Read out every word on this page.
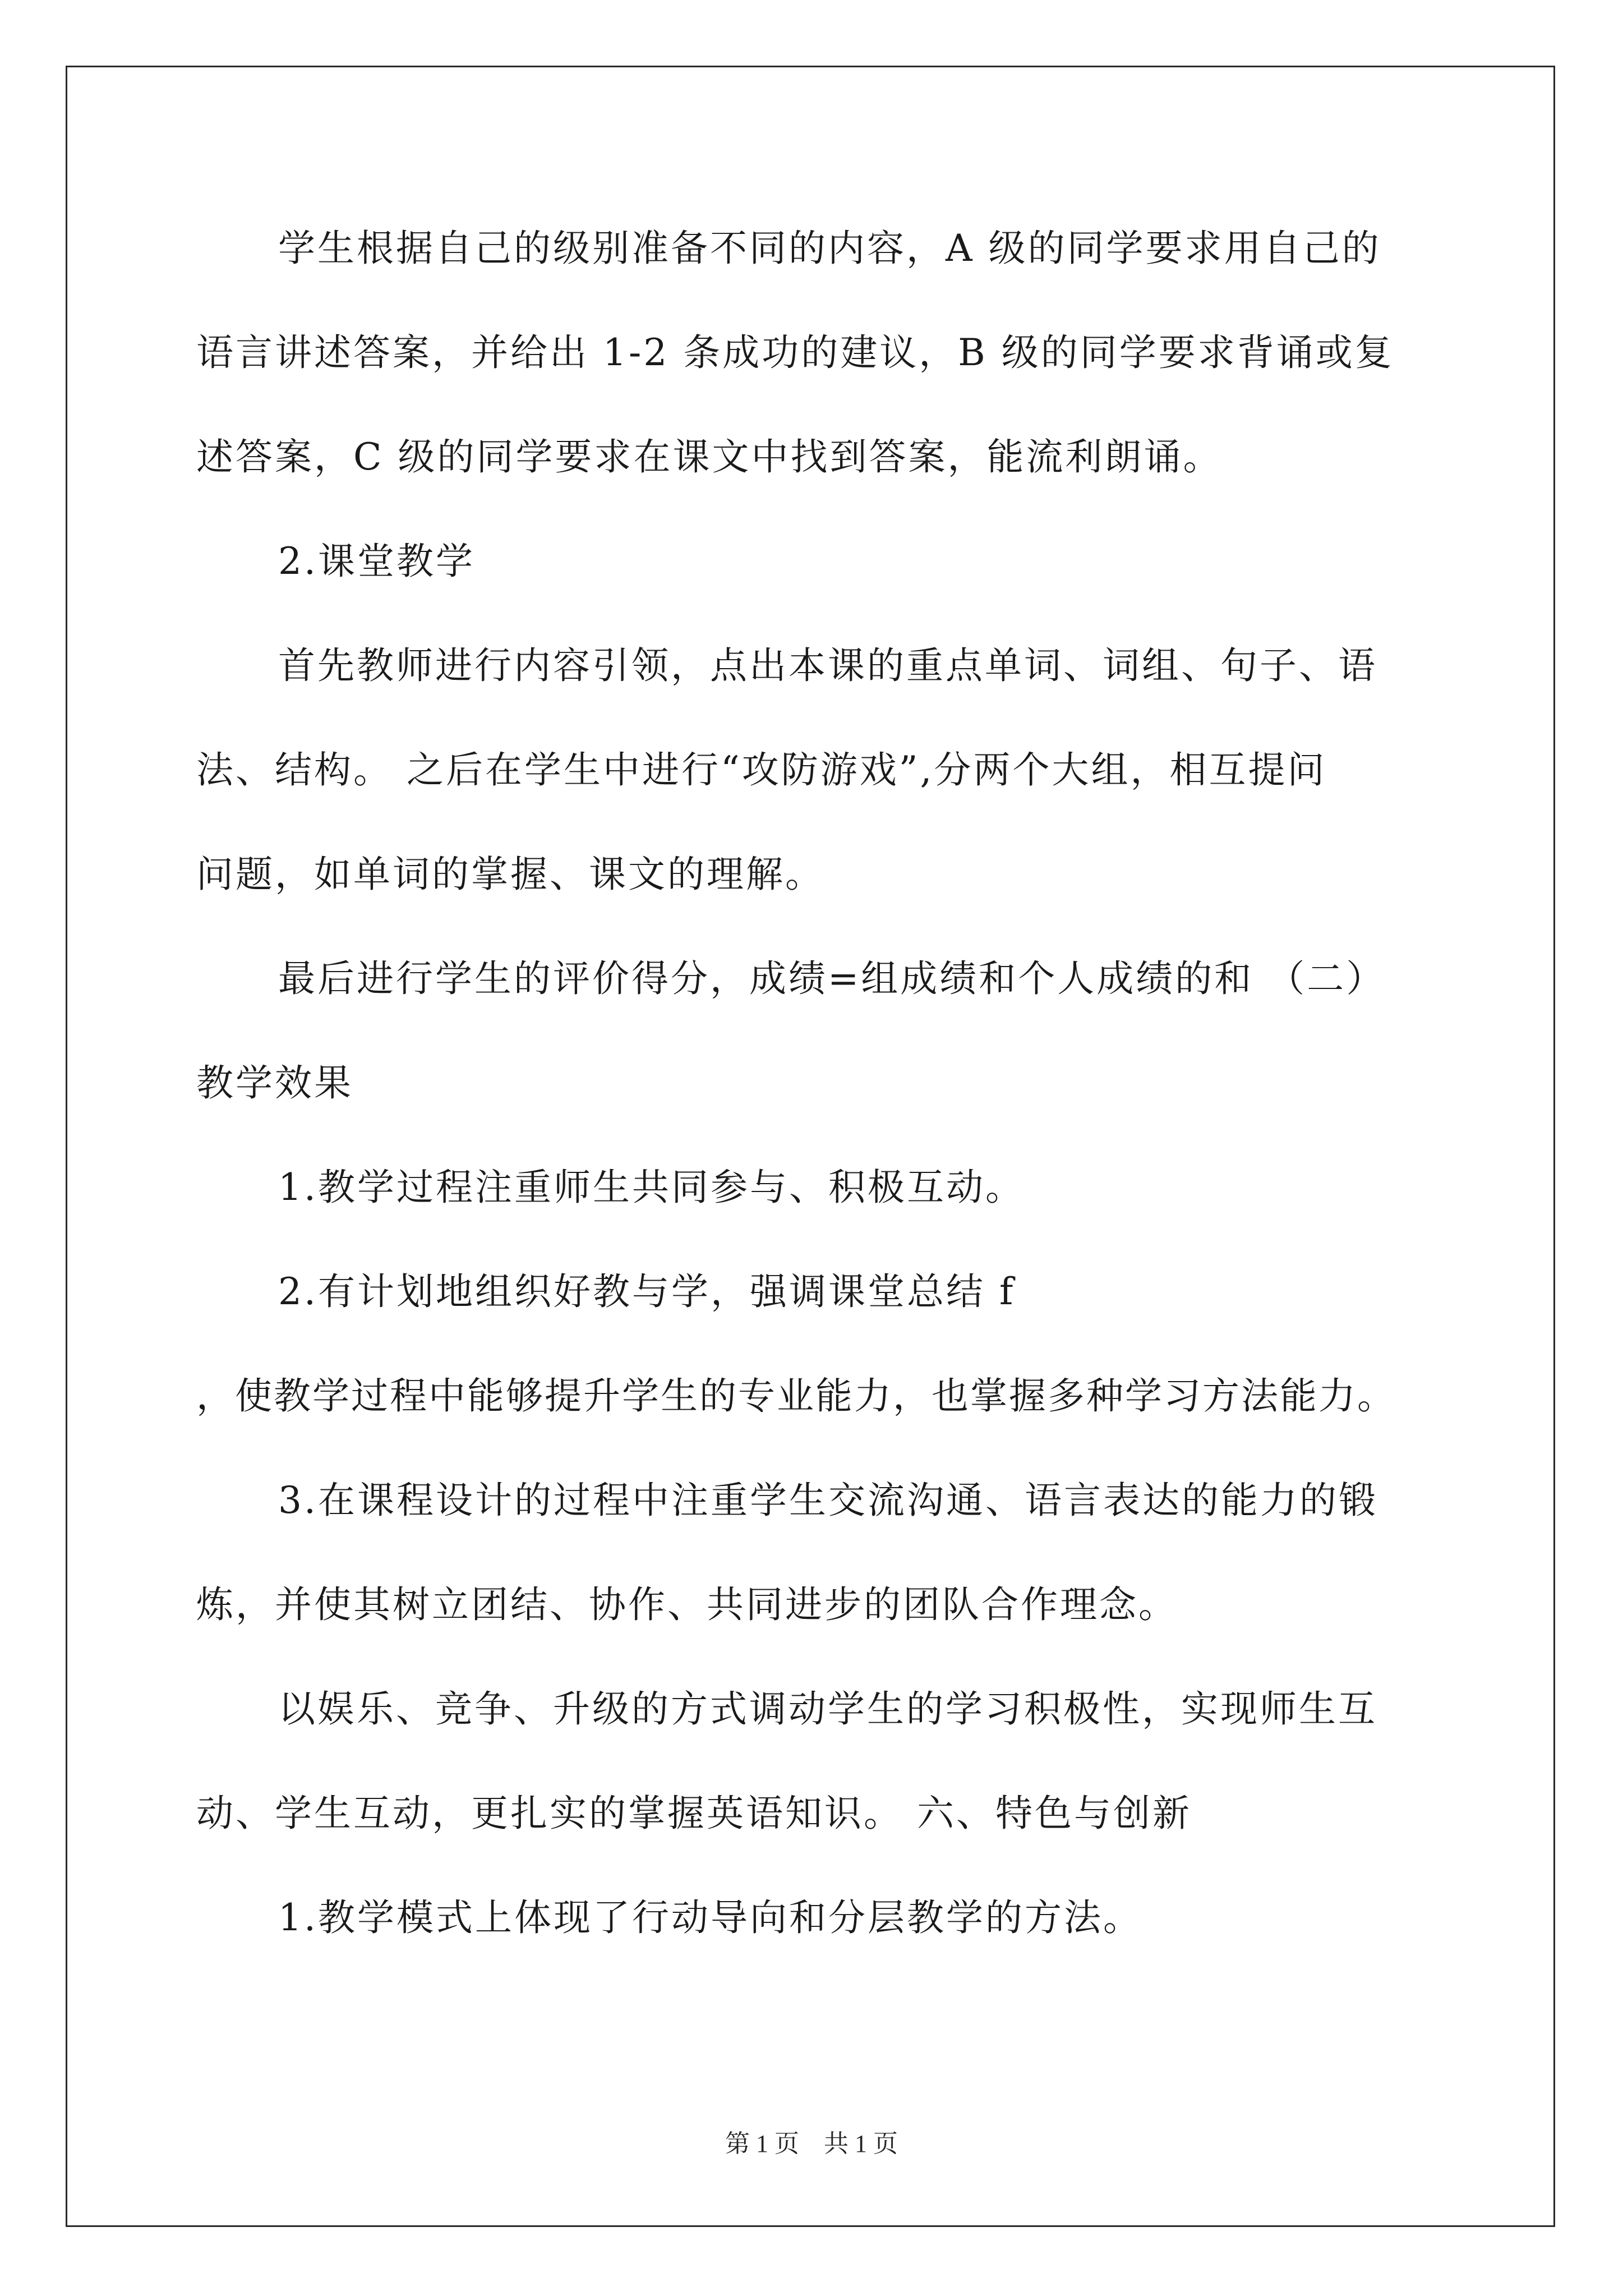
学生根据自己的级别准备不同的内容，A 级的同学要求用自己的
语言讲述答案，并给出 1-2 条成功的建议，B 级的同学要求背诵或复
述答案，C 级的同学要求在课文中找到答案，能流利朗诵。
2.课堂教学
首先教师进行内容引领，点出本课的重点单词、词组、句子、语
法、结构。 之后在学生中进行“攻防游戏”,分两个大组，相互提问
问题，如单词的掌握、课文的理解。
最后进行学生的评价得分，成绩=组成绩和个人成绩的和 （二）
教学效果
1.教学过程注重师生共同参与、积极互动。
2.有计划地组织好教与学，强调课堂总结 f
，使教学过程中能够提升学生的专业能力，也掌握多种学习方法能力。
3.在课程设计的过程中注重学生交流沟通、语言表达的能力的锻
炼，并使其树立团结、协作、共同进步的团队合作理念。
以娱乐、竞争、升级的方式调动学生的学习积极性，实现师生互
动、学生互动，更扎实的掌握英语知识。 六、特色与创新
1.教学模式上体现了行动导向和分层教学的方法。
第 1 页　共 1 页
